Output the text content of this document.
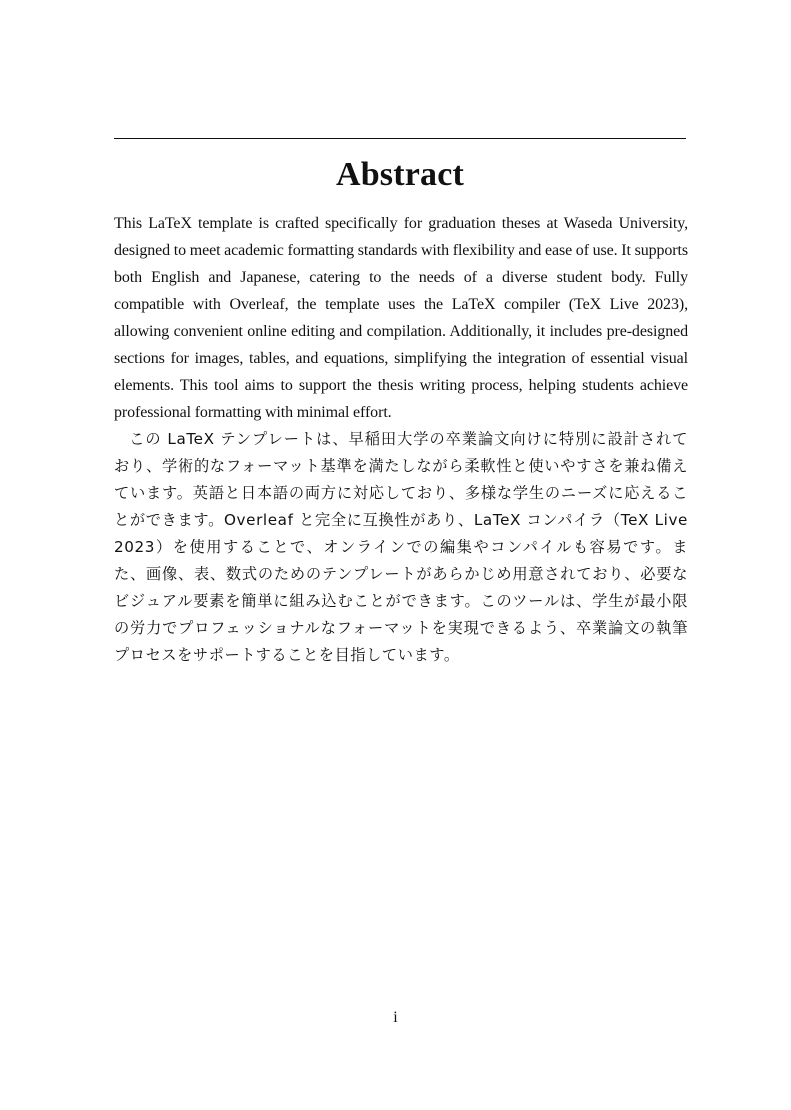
Abstract

This LaTeX template is crafted specifically for graduation theses at Waseda University, designed to meet academic formatting standards with flexibility and ease of use. It supports both English and Japanese, catering to the needs of a diverse student body. Fully compatible with Overleaf, the template uses the LaTeX compiler (TeX Live 2023), allowing convenient online editing and compilation. Additionally, it includes pre-designed sections for images, tables, and equations, simplifying the integration of essential visual elements. This tool aims to support the thesis writing process, helping students achieve professional formatting with minimal effort.

この LaTeX テンプレートは、早稲田大学の卒業論文向けに特別に設計されており、学術的なフォーマット基準を満たしながら柔軟性と使いやすさを兼ね備えています。英語と日本語の両方に対応しており、多様な学生のニーズに応えることができます。Overleaf と完全に互換性があり、LaTeX コンパイラ（TeX Live 2023）を使用することで、オンラインでの編集やコンパイルも容易です。また、画像、表、数式のためのテンプレートがあらかじめ用意されており、必要なビジュアル要素を簡単に組み込むことができます。このツールは、学生が最小限の労力でプロフェッショナルなフォーマットを実現できるよう、卒業論文の執筆プロセスをサポートすることを目指しています。

i
